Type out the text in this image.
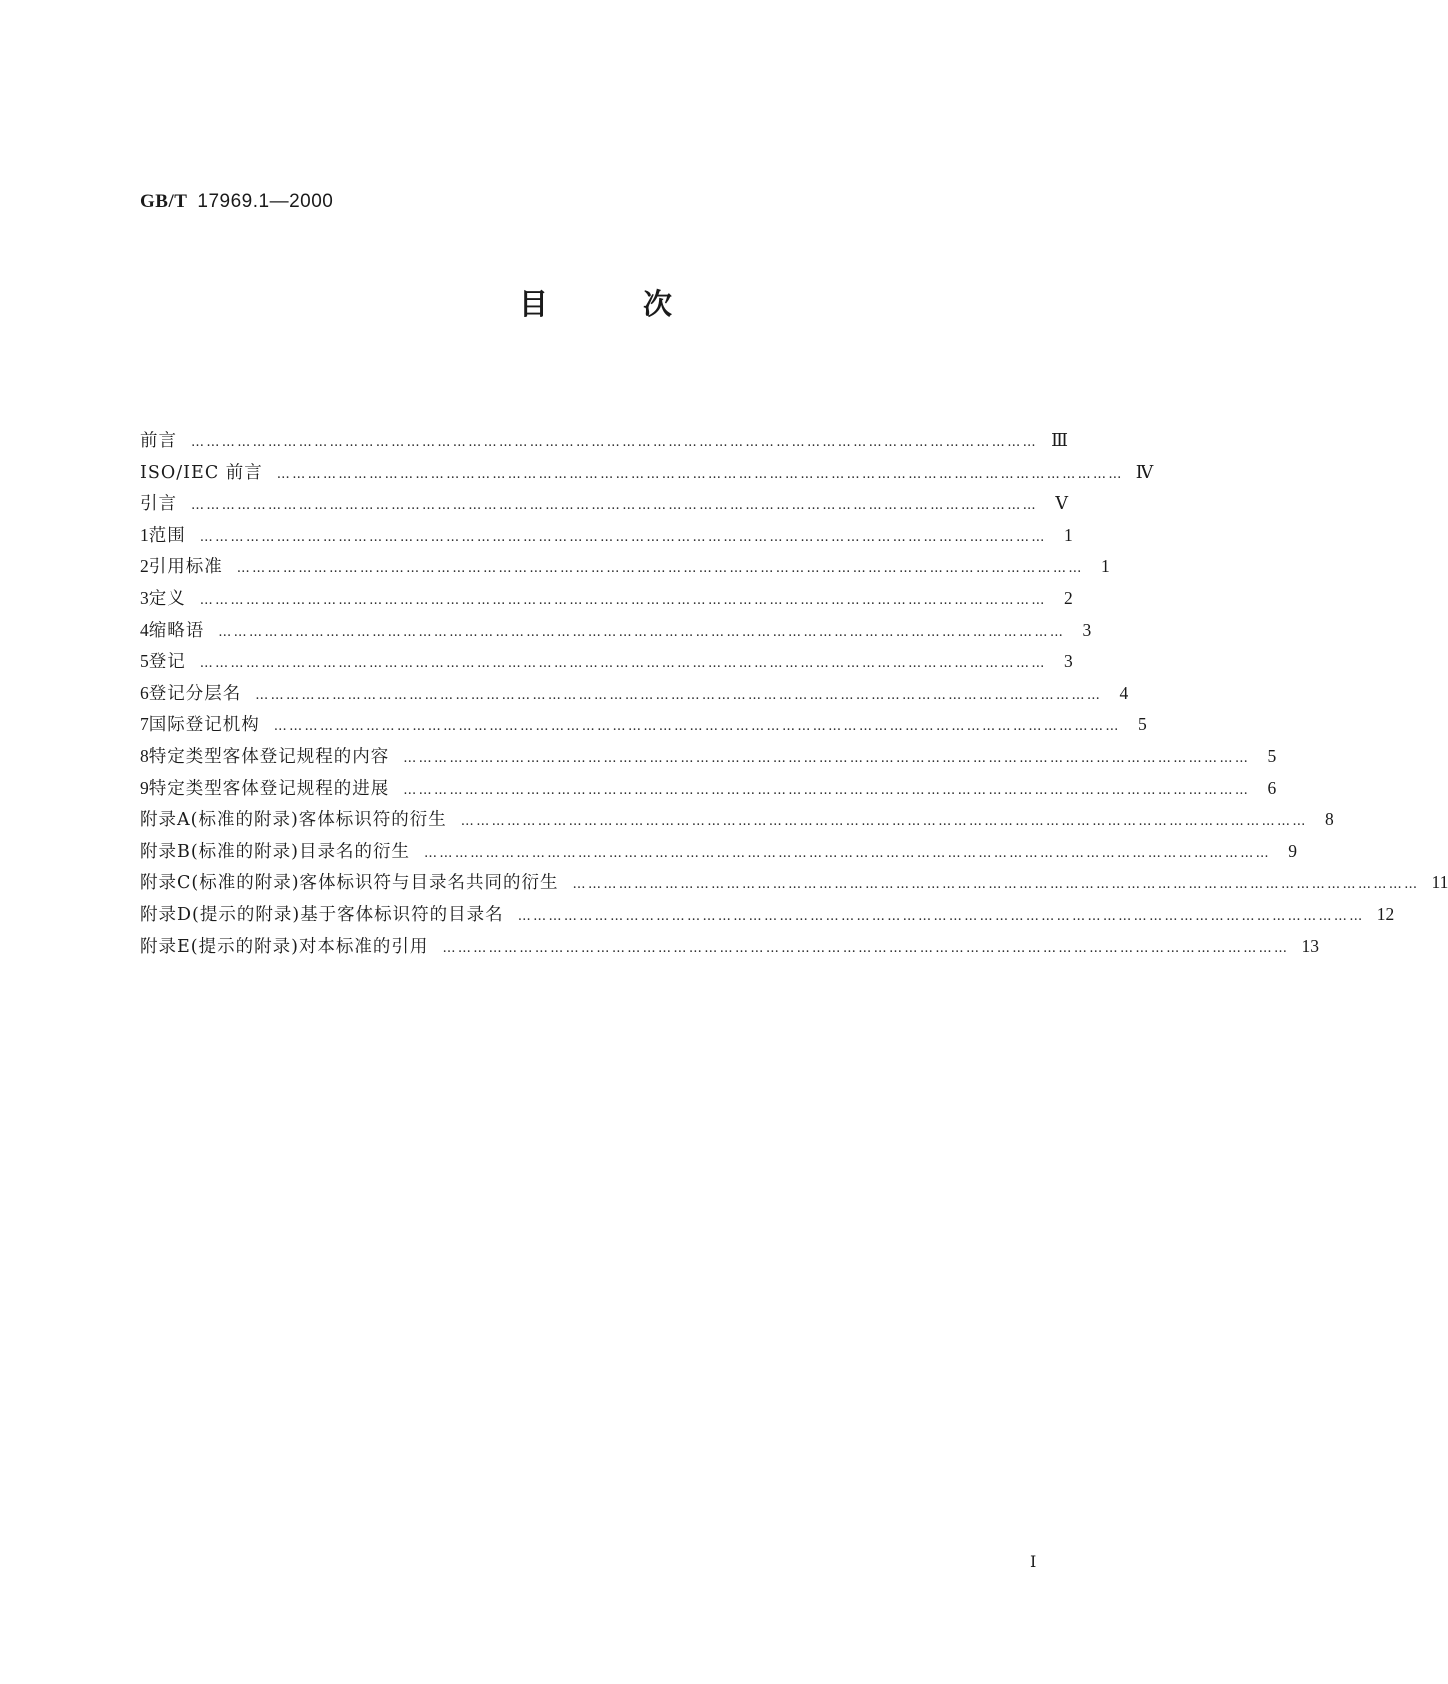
GB/T 17969.1—2000
目次
前言 ………………………………………………………………………………………………………………………………………………… Ⅲ
ISO/IEC 前言 ………………………………………………………………………………………………………………………………………………… Ⅳ
引言 ………………………………………………………………………………………………………………………………………………… Ⅴ
1 范围 ………………………………………………………………………………………………………………………………………………… 1
2 引用标准 ………………………………………………………………………………………………………………………………………………… 1
3 定义 ………………………………………………………………………………………………………………………………………………… 2
4 缩略语 ………………………………………………………………………………………………………………………………………………… 3
5 登记 ………………………………………………………………………………………………………………………………………………… 3
6 登记分层名 ………………………………………………………………………………………………………………………………………………… 4
7 国际登记机构 ………………………………………………………………………………………………………………………………………………… 5
8 特定类型客体登记规程的内容 ………………………………………………………………………………………………………………………………………………… 5
9 特定类型客体登记规程的进展 ………………………………………………………………………………………………………………………………………………… 6
附录A(标准的附录) 客体标识符的衍生 ………………………………………………………………………………………………………………………………………………… 8
附录B(标准的附录) 目录名的衍生 ………………………………………………………………………………………………………………………………………………… 9
附录C(标准的附录) 客体标识符与目录名共同的衍生 ………………………………………………………………………………………………………………………………………………… 11
附录D(提示的附录) 基于客体标识符的目录名 ………………………………………………………………………………………………………………………………………………… 12
附录E(提示的附录) 对本标准的引用 ………………………………………………………………………………………………………………………………………………… 13
Ⅰ
